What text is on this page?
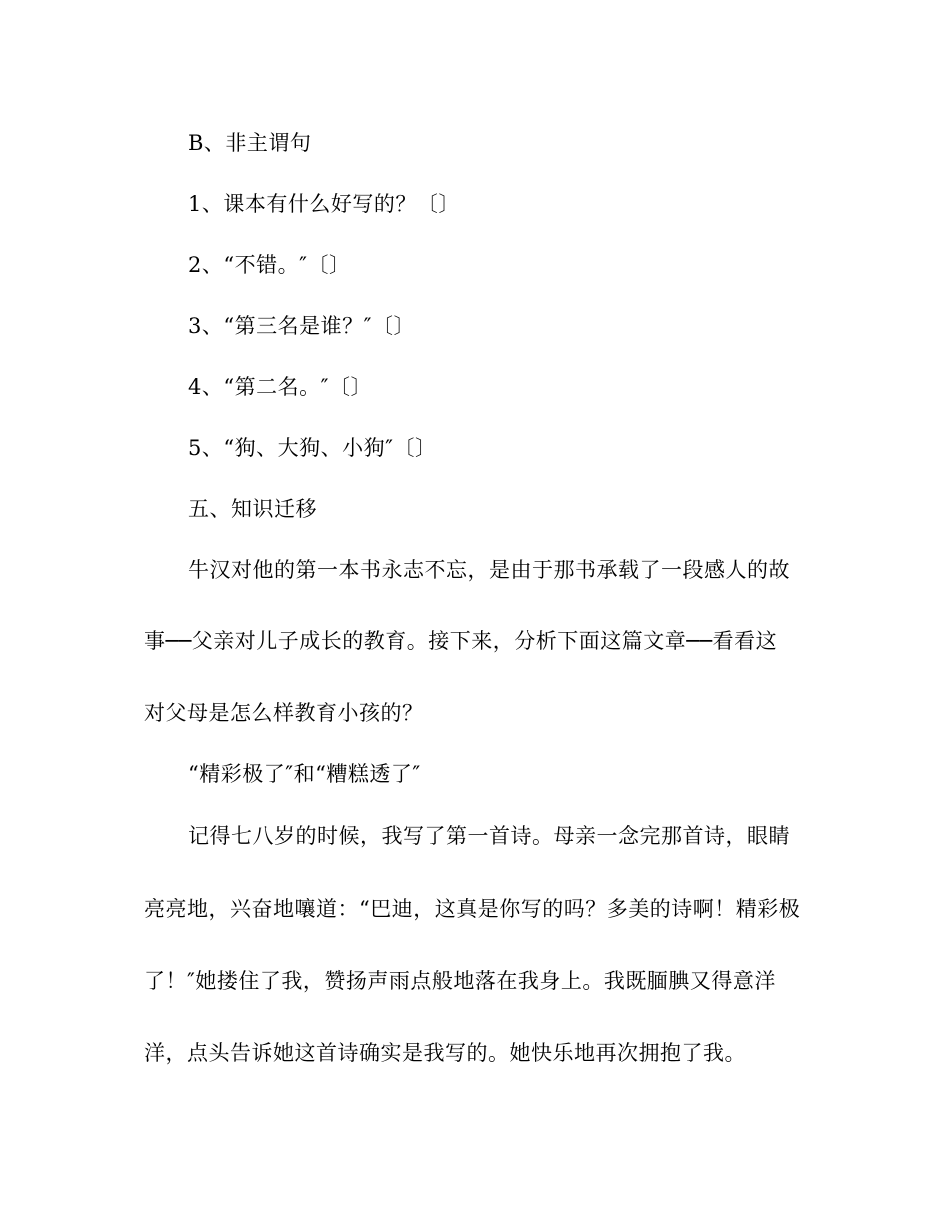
B、非主谓句
1、课本有什么好写的？〔〕
2、“不错。″〔〕
3、“第三名是谁？″〔〕
4、“第二名。″〔〕
5、“狗、大狗、小狗″〔〕
五、知识迁移
牛汉对他的第一本书永志不忘，是由于那书承载了一段感人的故
事──父亲对儿子成长的教育。接下来，分析下面这篇文章──看看这
对父母是怎么样教育小孩的？
“精彩极了″和“糟糕透了″
记得七八岁的时候，我写了第一首诗。母亲一念完那首诗，眼睛
亮亮地，兴奋地嚷道：“巴迪，这真是你写的吗？多美的诗啊！精彩极
了！″她搂住了我，赞扬声雨点般地落在我身上。我既腼腆又得意洋
洋，点头告诉她这首诗确实是我写的。她快乐地再次拥抱了我。
